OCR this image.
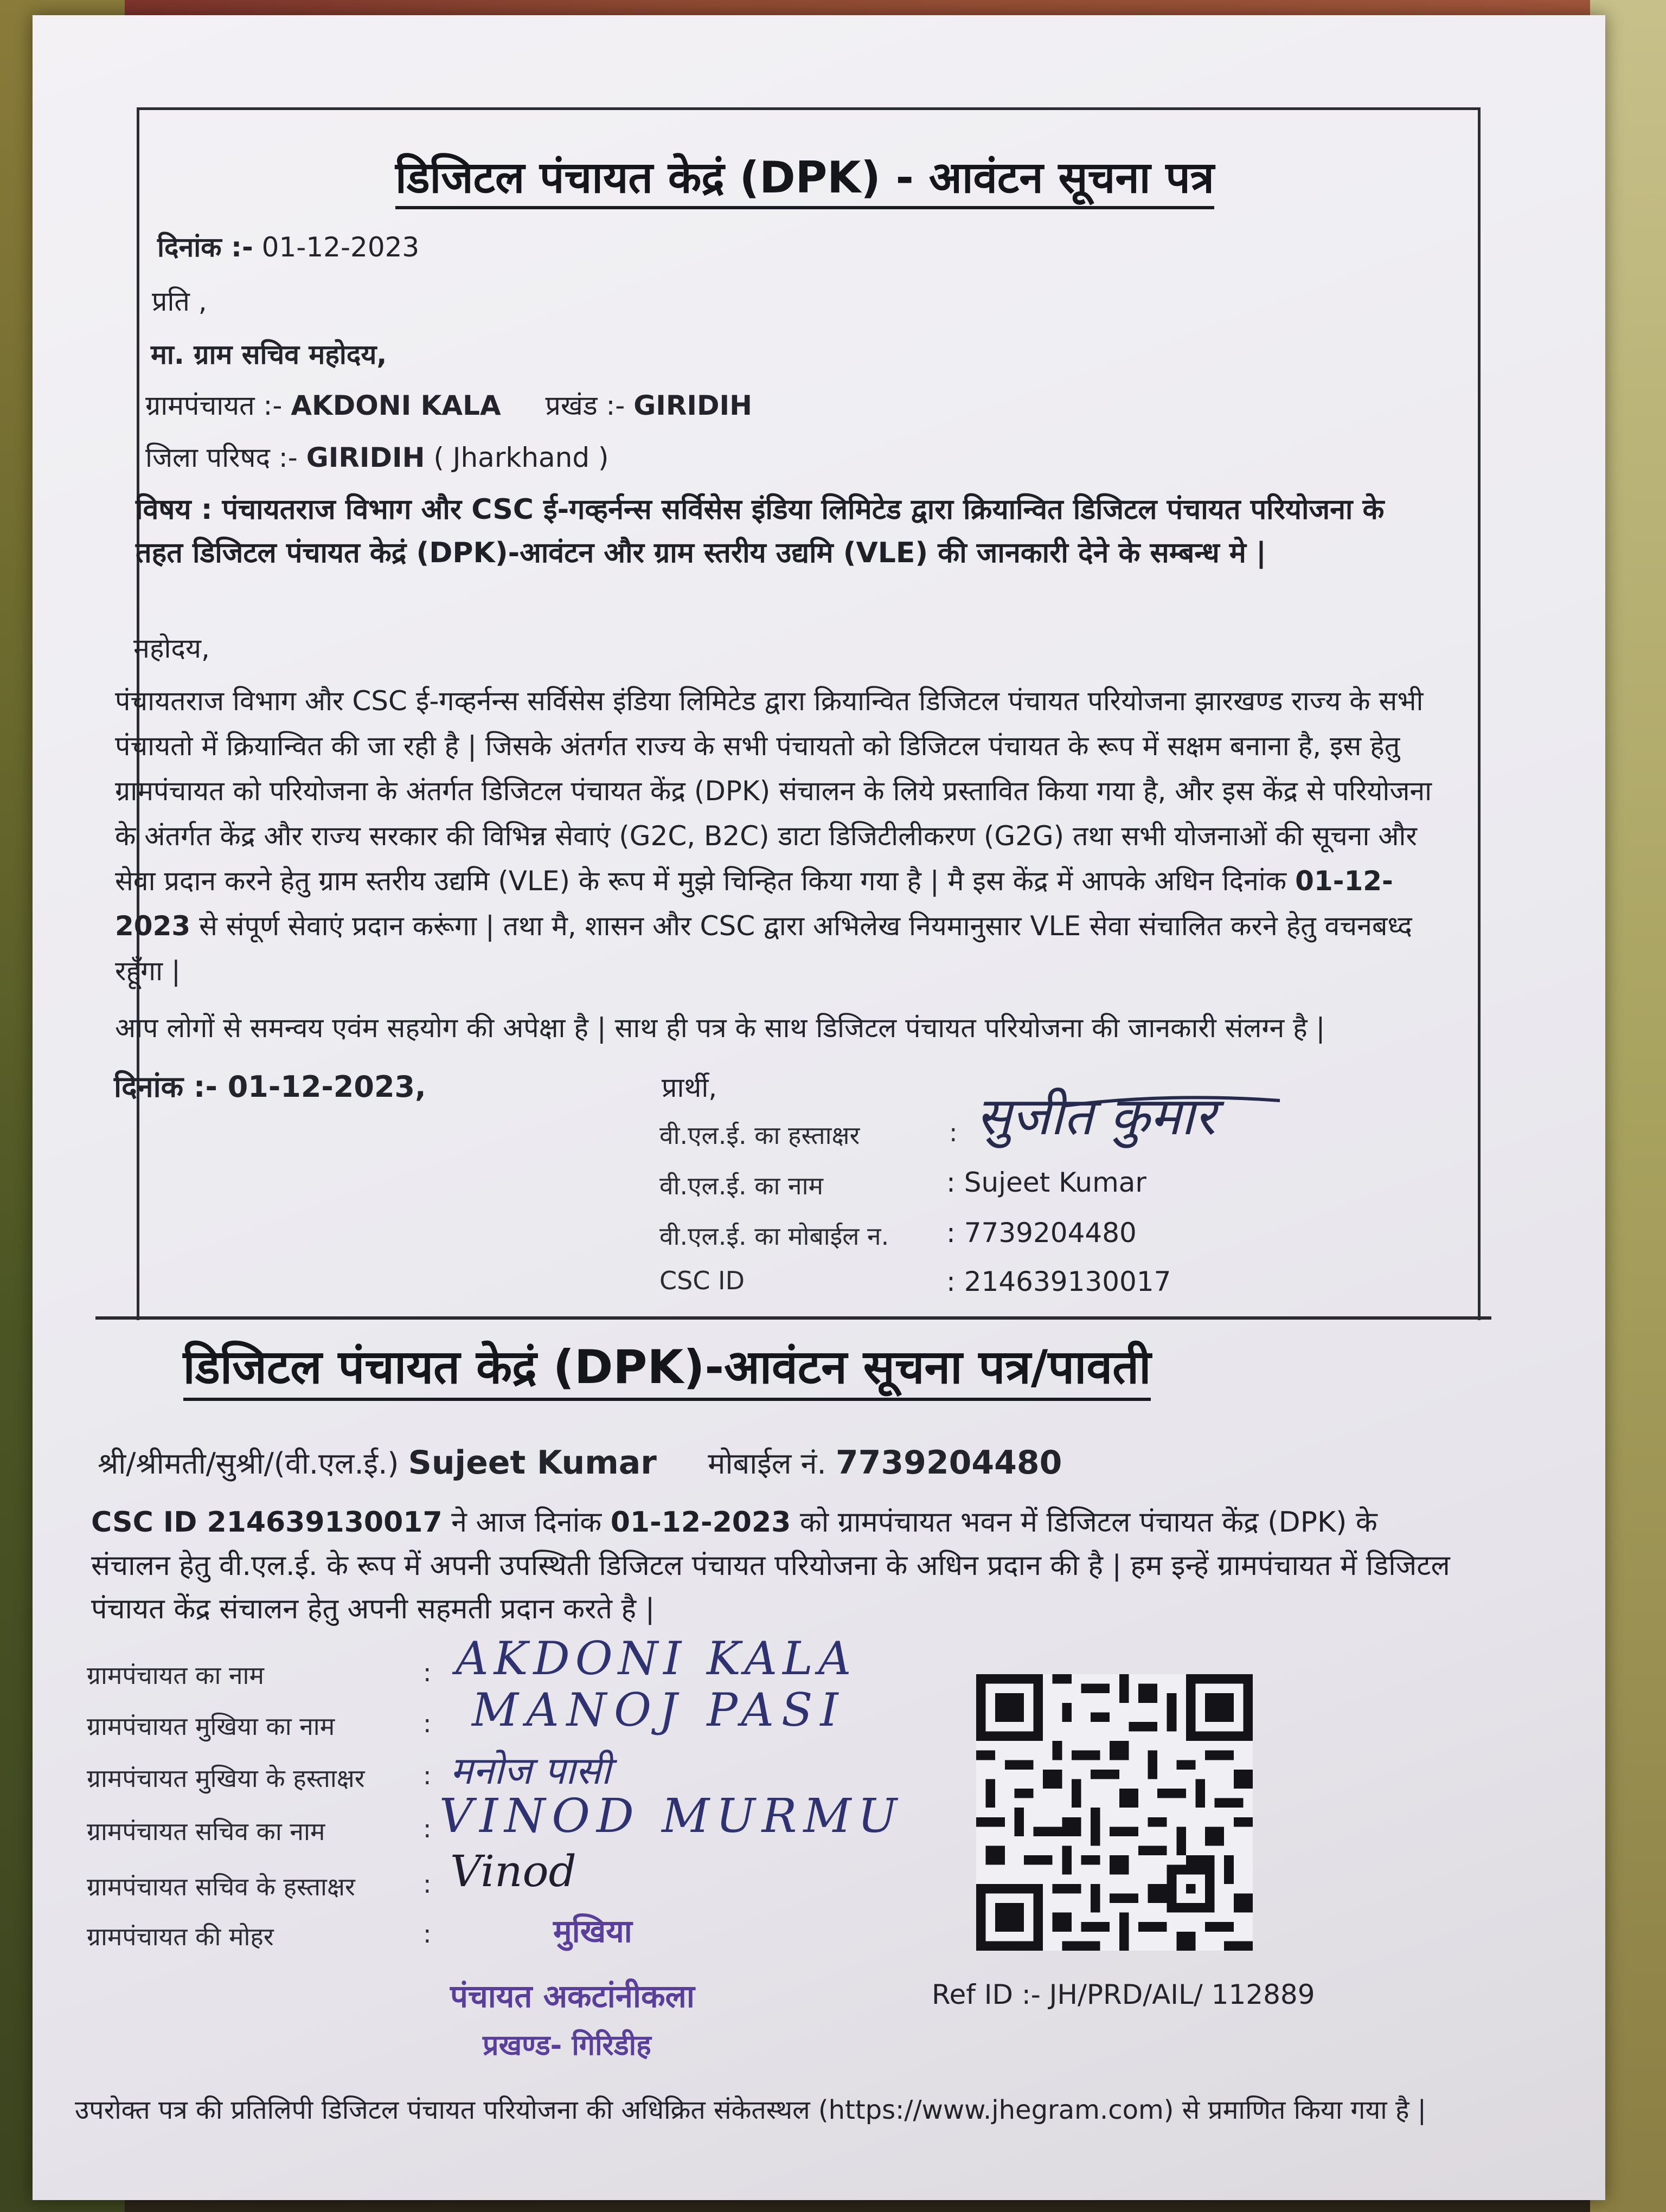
डिजिटल पंचायत केद्रं (DPK) - आवंटन सूचना पत्र
दिनांक :- 01-12-2023
प्रति ,
मा. ग्राम सचिव महोदय,
ग्रामपंचायत :- AKDONI KALA प्रखंड :- GIRIDIH
जिला परिषद :- GIRIDIH ( Jharkhand )
विषय : पंचायतराज विभाग और CSC ई-गव्हर्नन्स सर्विसेस इंडिया लिमिटेड द्वारा क्रियान्वित डिजिटल पंचायत परियोजना के तहत डिजिटल पंचायत केद्रं (DPK)-आवंटन और ग्राम स्तरीय उद्यमि (VLE) की जानकारी देने के सम्बन्ध मे |
महोदय,
पंचायतराज विभाग और CSC ई-गव्हर्नन्स सर्विसेस इंडिया लिमिटेड द्वारा क्रियान्वित डिजिटल पंचायत परियोजना झारखण्ड राज्य के सभी पंचायतो में क्रियान्वित की जा रही है | जिसके अंतर्गत राज्य के सभी पंचायतो को डिजिटल पंचायत के रूप में सक्षम बनाना है, इस हेतु ग्रामपंचायत को परियोजना के अंतर्गत डिजिटल पंचायत केंद्र (DPK) संचालन के लिये प्रस्तावित किया गया है, और इस केंद्र से परियोजना के अंतर्गत केंद्र और राज्य सरकार की विभिन्न सेवाएं (G2C, B2C) डाटा डिजिटीलीकरण (G2G) तथा सभी योजनाओं की सूचना और सेवा प्रदान करने हेतु ग्राम स्तरीय उद्यमि (VLE) के रूप में मुझे चिन्हित किया गया है | मै इस केंद्र में आपके अधिन दिनांक 01-12-2023 से संपूर्ण सेवाएं प्रदान करूंगा | तथा मै, शासन और CSC द्वारा अभिलेख नियमानुसार VLE सेवा संचालित करने हेतु वचनबध्द रहूँगा |
आप लोगों से समन्वय एवंम सहयोग की अपेक्षा है | साथ ही पत्र के साथ डिजिटल पंचायत परियोजना की जानकारी संलग्न है |
दिनांक :- 01-12-2023,	प्रार्थी,
वी.एल.ई. का हस्ताक्षर	: सुजीत कुमार
वी.एल.ई. का नाम	: Sujeet Kumar
वी.एल.ई. का मोबाईल न. : 7739204480
CSC ID	: 214639130017
डिजिटल पंचायत केद्रं (DPK)-आवंटन सूचना पत्र/पावती
श्री/श्रीमती/सुश्री/(वी.एल.ई.) Sujeet Kumar मोबाईल नं. 7739204480
CSC ID 214639130017 ने आज दिनांक 01-12-2023 को ग्रामपंचायत भवन में डिजिटल पंचायत केंद्र (DPK) के संचालन हेतु वी.एल.ई. के रूप में अपनी उपस्थिती डिजिटल पंचायत परियोजना के अधिन प्रदान की है | हम इन्हें ग्रामपंचायत में डिजिटल पंचायत केंद्र संचालन हेतु अपनी सहमती प्रदान करते है |
ग्रामपंचायत का नाम	: AKDONI KALA
ग्रामपंचायत मुखिया का नाम	: MANOJ PASI
ग्रामपंचायत मुखिया के हस्ताक्षर : मनोज पासी
ग्रामपंचायत सचिव का नाम	: VINOD MURMU
ग्रामपंचायत सचिव के हस्ताक्षर	: Vinod
ग्रामपंचायत की मोहर	:	मुखिया
पंचायत अकटांनीकला
प्रखण्ड- गिरिडीह
Ref ID :- JH/PRD/AIL/ 112889
उपरोक्त पत्र की प्रतिलिपी डिजिटल पंचायत परियोजना की अधिक्रित संकेतस्थल (https://www.jhegram.com) से प्रमाणित किया गया है |
